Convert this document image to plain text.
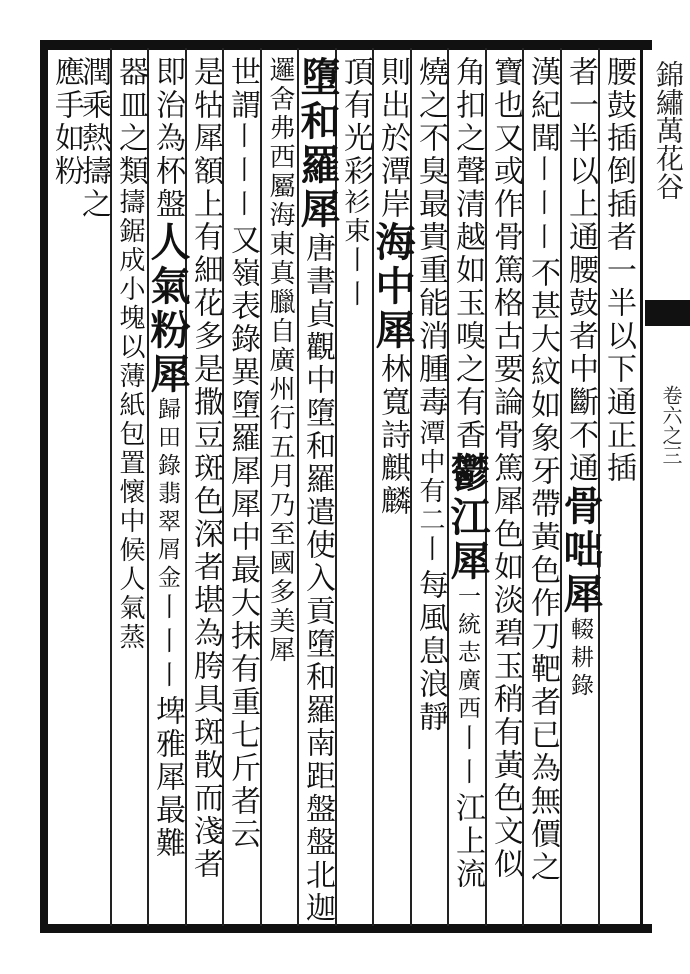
錦繡萬花谷
卷六之三
腰鼓插倒插者一半以下通正插
者一半以上通腰鼓者中斷不通骨咄犀輟耕錄
漢紀聞丨丨丨不甚大紋如象牙帶黃色作刀靶者已為無價之
寶也又或作骨篤格古要論骨篤犀色如淡碧玉稍有黃色文似
角扣之聲清越如玉嗅之有香鬱江犀一統志廣西丨丨江上流
燒之不臭最貴重能消腫毒潭中有二丨每風息浪靜
則出於潭岸海中犀林寬詩麒麟
頂有光彩衫束丨丨
墮和羅犀唐書貞觀中墮和羅遣使入貢墮和羅南距盤盤北迦
邏舍弗西屬海東真臘自廣州行五月乃至國多美犀
世謂丨丨丨又嶺表錄異墮羅犀犀中最大抹有重七斤者云
是牯犀額上有細花多是撒豆斑色深者堪為胯具斑散而淺者
即治為杯盤人氣粉犀歸田錄翡翠屑金丨丨丨埤雅犀最難
器皿之類擣鋸成小塊以薄紙包置懷中候人氣蒸
潤乘熱擣之
應手如粉
